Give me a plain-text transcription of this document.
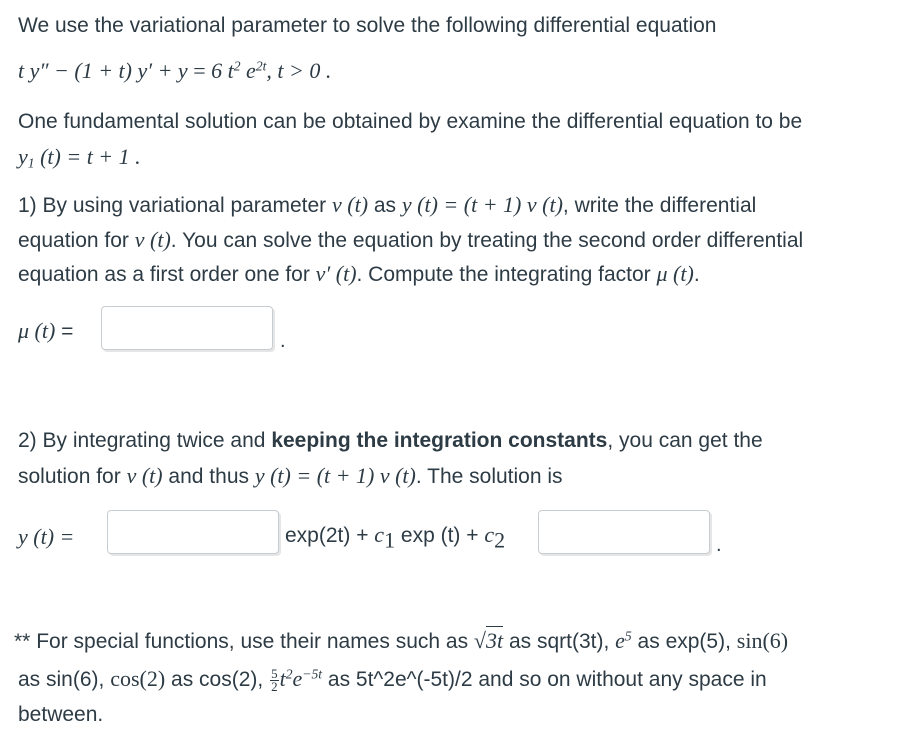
We use the variational parameter to solve the following differential equation
t y″ − (1 + t) y′ + y = 6 $t^2$ $e^{2t}$, t > 0 .
One fundamental solution can be obtained by examine the differential equation to be
$y_1$ (t) = t + 1 .
1) By using variational parameter v (t) as y (t) = (t + 1) v (t), write the differential
equation for v (t). You can solve the equation by treating the second order differential
equation as a first order one for v′ (t). Compute the integrating factor μ (t).
μ (t) =	.
2) By integrating twice and keeping the integration constants, you can get the
solution for v (t) and thus y (t) = (t + 1) v (t). The solution is
y (t) =	$\exp(2t) + c_1$ $\exp (t) + c_2$	.
** For special functions, use their names such as √3t as sqrt(3t), $e^5$ as exp(5), sin(6)
as sin(6), cos(2) as cos(2), $\frac{5}{2} t^2e^{-5t}$ as 5t^2e^(-5t)/2 and so on without any space in
between.
